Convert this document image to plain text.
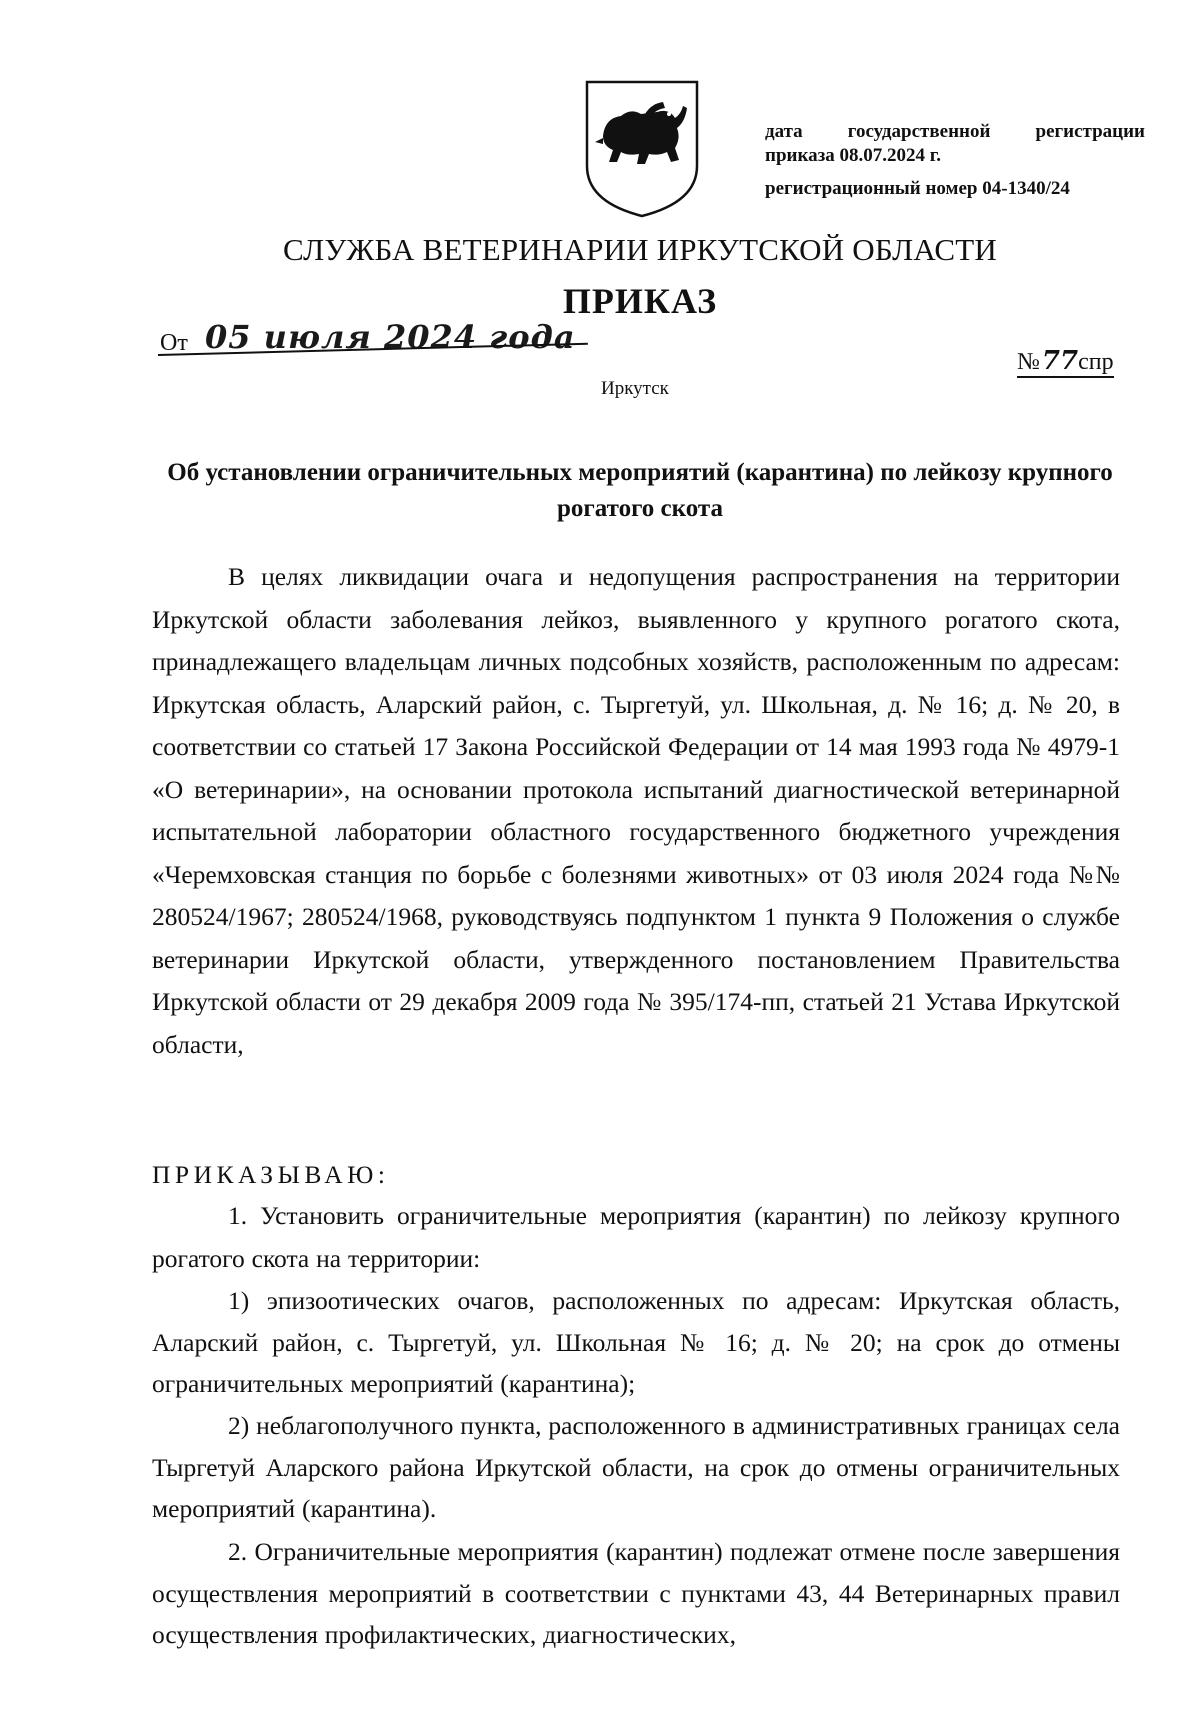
дата государственной регистрации
приказа 08.07.2024 г.
регистрационный номер 04-1340/24
СЛУЖБА ВЕТЕРИНАРИИ ИРКУТСКОЙ ОБЛАСТИ
ПРИКАЗ
От 05 июля 2024 года
№ 77спр
Иркутск
Об установлении ограничительных мероприятий (карантина) по лейкозу крупного рогатого скота
В целях ликвидации очага и недопущения распространения на территории Иркутской области заболевания лейкоз, выявленного у крупного рогатого скота, принадлежащего владельцам личных подсобных хозяйств, расположенным по адресам: Иркутская область, Аларский район, с. Тыргетуй, ул. Школьная, д. № 16; д. № 20, в соответствии со статьей 17 Закона Российской Федерации от 14 мая 1993 года № 4979-1 «О ветеринарии», на основании протокола испытаний диагностической ветеринарной испытательной лаборатории областного государственного бюджетного учреждения «Черемховская станция по борьбе с болезнями животных» от 03 июля 2024 года №№ 280524/1967; 280524/1968, руководствуясь подпунктом 1 пункта 9 Положения о службе ветеринарии Иркутской области, утвержденного постановлением Правительства Иркутской области от 29 декабря 2009 года № 395/174-пп, статьей 21 Устава Иркутской области,
ПРИКАЗЫВАЮ:
1. Установить ограничительные мероприятия (карантин) по лейкозу крупного рогатого скота на территории:
1) эпизоотических очагов, расположенных по адресам: Иркутская область, Аларский район, с. Тыргетуй, ул. Школьная № 16; д. № 20; на срок до отмены ограничительных мероприятий (карантина);
2) неблагополучного пункта, расположенного в административных границах села Тыргетуй Аларского района Иркутской области, на срок до отмены ограничительных мероприятий (карантина).
2. Ограничительные мероприятия (карантин) подлежат отмене после завершения осуществления мероприятий в соответствии с пунктами 43, 44 Ветеринарных правил осуществления профилактических, диагностических,
